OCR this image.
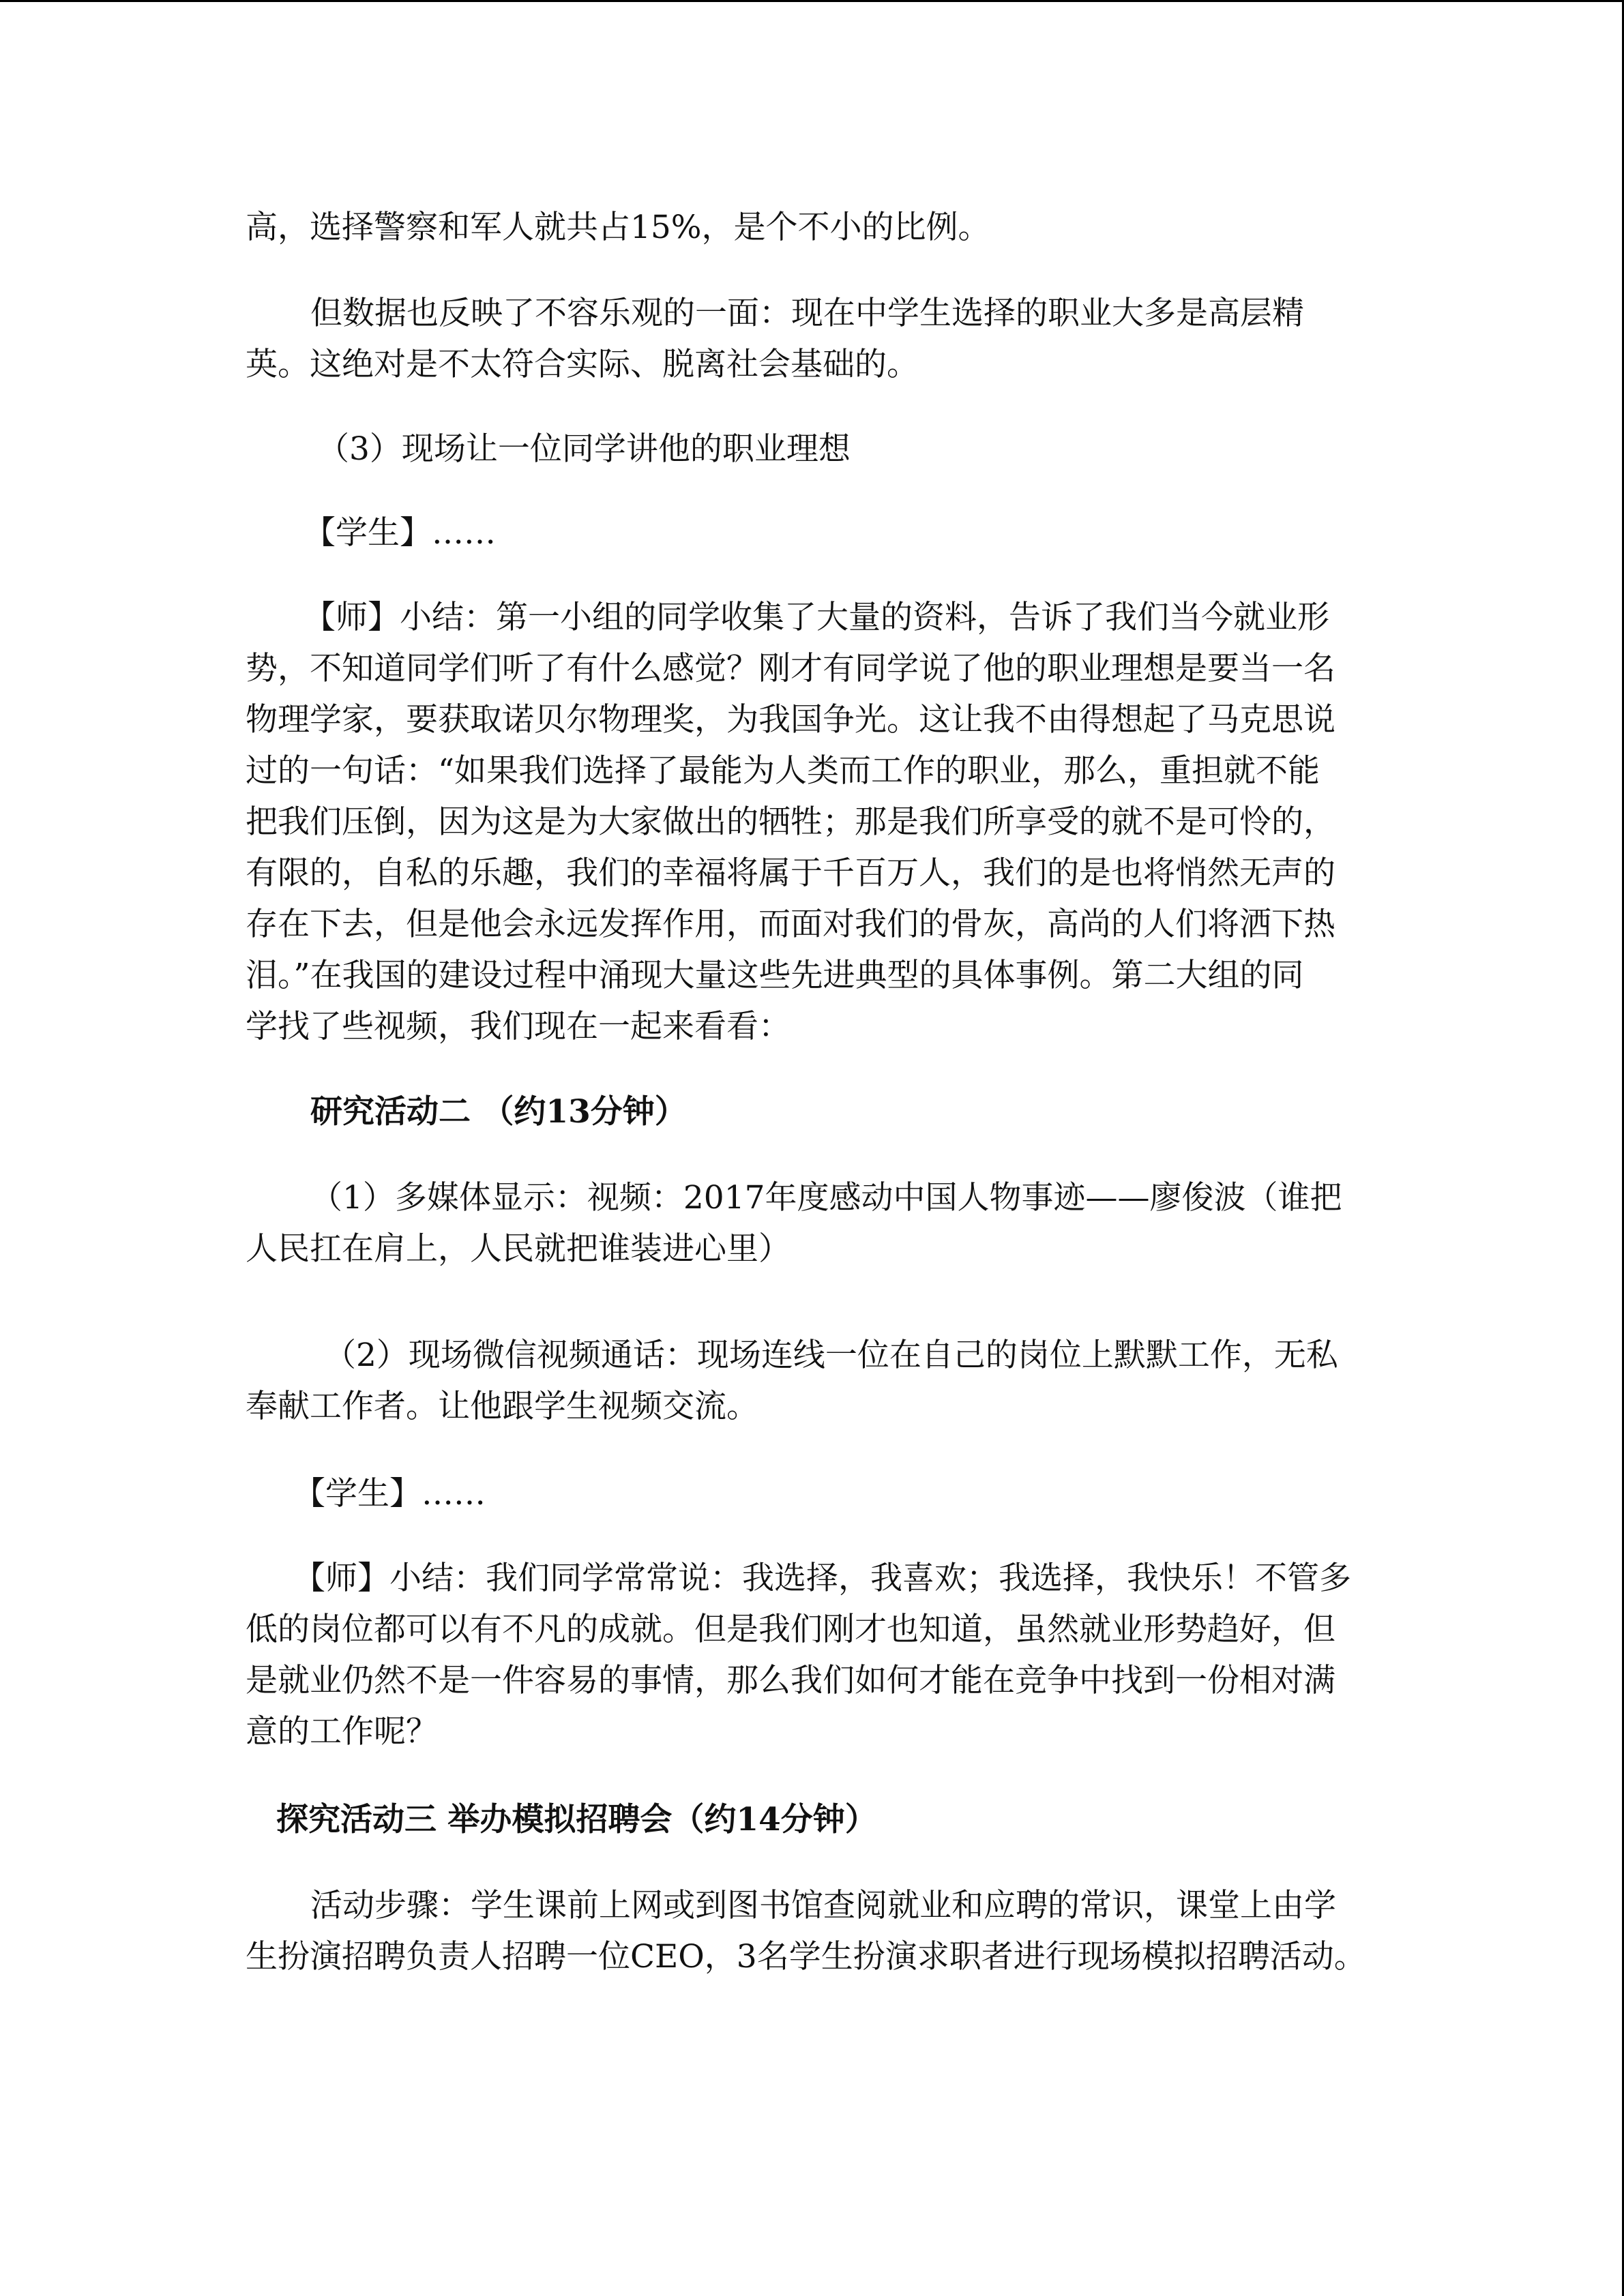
高，选择警察和军人就共占15%，是个不小的比例。
但数据也反映了不容乐观的一面：现在中学生选择的职业大多是高层精
英。这绝对是不太符合实际、脱离社会基础的。
（3）现场让一位同学讲他的职业理想
【学生】……
【师】小结：第一小组的同学收集了大量的资料，告诉了我们当今就业形
势，不知道同学们听了有什么感觉？刚才有同学说了他的职业理想是要当一名
物理学家，要获取诺贝尔物理奖，为我国争光。这让我不由得想起了马克思说
过的一句话：“如果我们选择了最能为人类而工作的职业，那么，重担就不能
把我们压倒，因为这是为大家做出的牺牲；那是我们所享受的就不是可怜的，
有限的，自私的乐趣，我们的幸福将属于千百万人，我们的是也将悄然无声的
存在下去，但是他会永远发挥作用，而面对我们的骨灰，高尚的人们将洒下热
泪。”在我国的建设过程中涌现大量这些先进典型的具体事例。第二大组的同
学找了些视频，我们现在一起来看看：
研究活动二 （约13分钟）
（1）多媒体显示：视频：2017年度感动中国人物事迹——廖俊波（谁把
人民扛在肩上，人民就把谁装进心里）
（2）现场微信视频通话：现场连线一位在自己的岗位上默默工作，无私
奉献工作者。让他跟学生视频交流。
【学生】……
【师】小结：我们同学常常说：我选择，我喜欢；我选择，我快乐！不管多
低的岗位都可以有不凡的成就。但是我们刚才也知道，虽然就业形势趋好，但
是就业仍然不是一件容易的事情，那么我们如何才能在竞争中找到一份相对满
意的工作呢？
探究活动三 举办模拟招聘会（约14分钟）
活动步骤：学生课前上网或到图书馆查阅就业和应聘的常识，课堂上由学
生扮演招聘负责人招聘一位CEO，3名学生扮演求职者进行现场模拟招聘活动。
